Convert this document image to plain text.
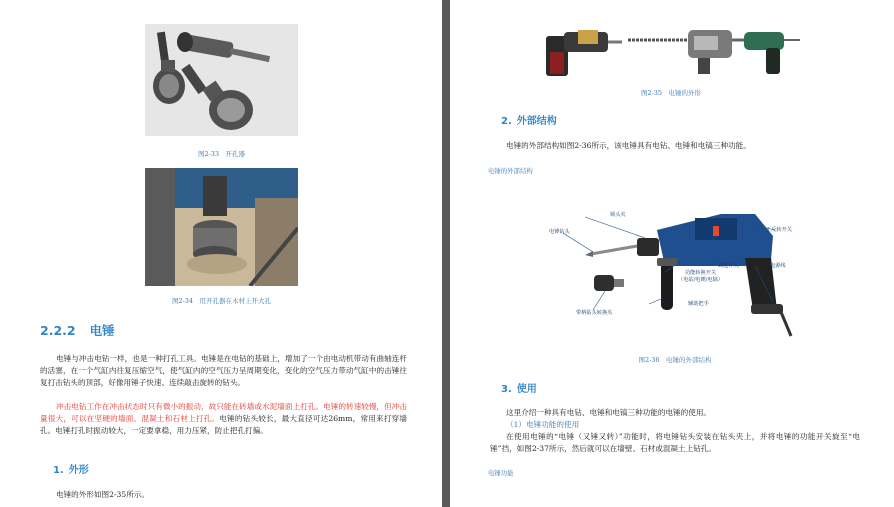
图2-33　开孔器
图2-34　用开孔器在木材上开大孔
2.2.2 电锤
电锤与冲击电钻一样，也是一种打孔工具。电锤是在电钻的基础上，增加了一个由电动机带动有曲轴连杆的活塞，在一个气缸内往复压缩空气，使气缸内的空气压力呈周期变化，变化的空气压力带动气缸中的击锤往复打击钻头的顶部，好像用锤子快速、连续敲击旋转的钻头。
冲击电钻工作在冲击状态时只有微小的振动，故只能在砖墙或水泥墙面上打孔。电锤的转速较慢，但冲击量很大，可以在坚硬的墙面、混凝土和石材上打孔。电锤的钻头较长，最大直径可达26mm，常用来打穿墙孔。电锤打孔时振动较大，一定要拿稳，用力压紧，防止把孔打偏。
1. 外形
电锤的外形如图2-35所示。
图2-35　电锤的外形
2. 外部结构
电锤的外部结构如图2-36所示，该电锤具有电钻、电锤和电镐三种功能。
电锤的外部结构
锁头夹
电锤钻头	正反转开关
功能转换开关
（电钻/电锤/电镐）
调速开关	电源线
辅助把手
带柄钻头转换夹
图2-36　电锤的外部结构
3. 使用
这里介绍一种具有电钻、电锤和电镐三种功能的电锤的使用。
（1）电锤功能的使用
在使用电锤的“电锤（又锤又转）”功能时，将电锤钻头安装在钻头夹上，并将电锤的功能开关旋至“电锤”挡，如图2-37所示，然后就可以在墙壁、石材或混凝土上钻孔。
电锤功能
